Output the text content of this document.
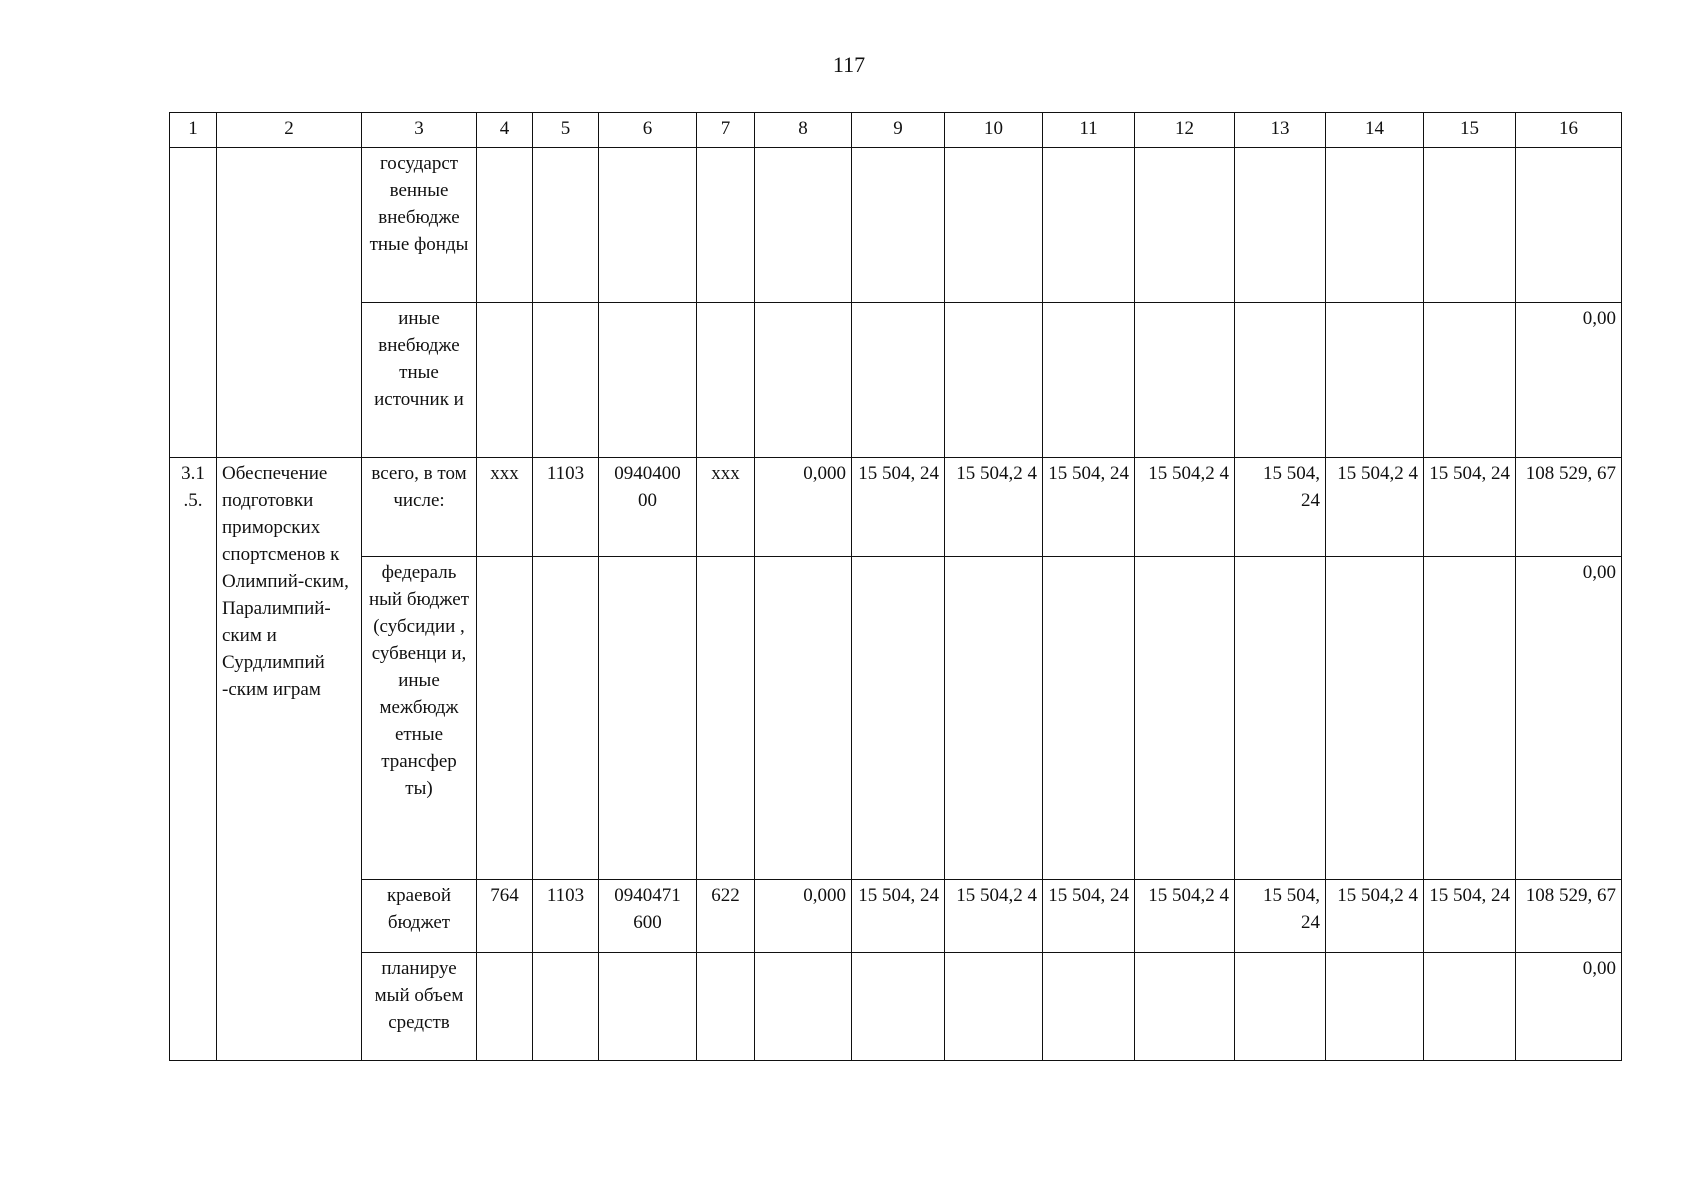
117
1	2	3	4	5	6	7	8	9	10	11	12	13	14	15	16
		государст венные внебюдже тные фонды													
		иные внебюдже тные источник и													0,00
3.1 .5.	Обеспечение подготовки приморских спортсменов к Олимпий-ским, Паралимпий-ским и Сурдлимпий -ским играм	всего, в том числе:	ххх	1103	0940400 00	ххх	0,000	15 504, 24	15 504,2 4	15 504, 24	15 504,2 4	15 504, 24	15 504,2 4	15 504, 24	108 529, 67
		федераль ный бюджет (субсидии , субвенци и, иные межбюдж етные трансфер ты)													0,00
		краевой бюджет	764	1103	0940471 600	622	0,000	15 504, 24	15 504,2 4	15 504, 24	15 504,2 4	15 504, 24	15 504,2 4	15 504, 24	108 529, 67
		планируе мый объем средств													0,00
